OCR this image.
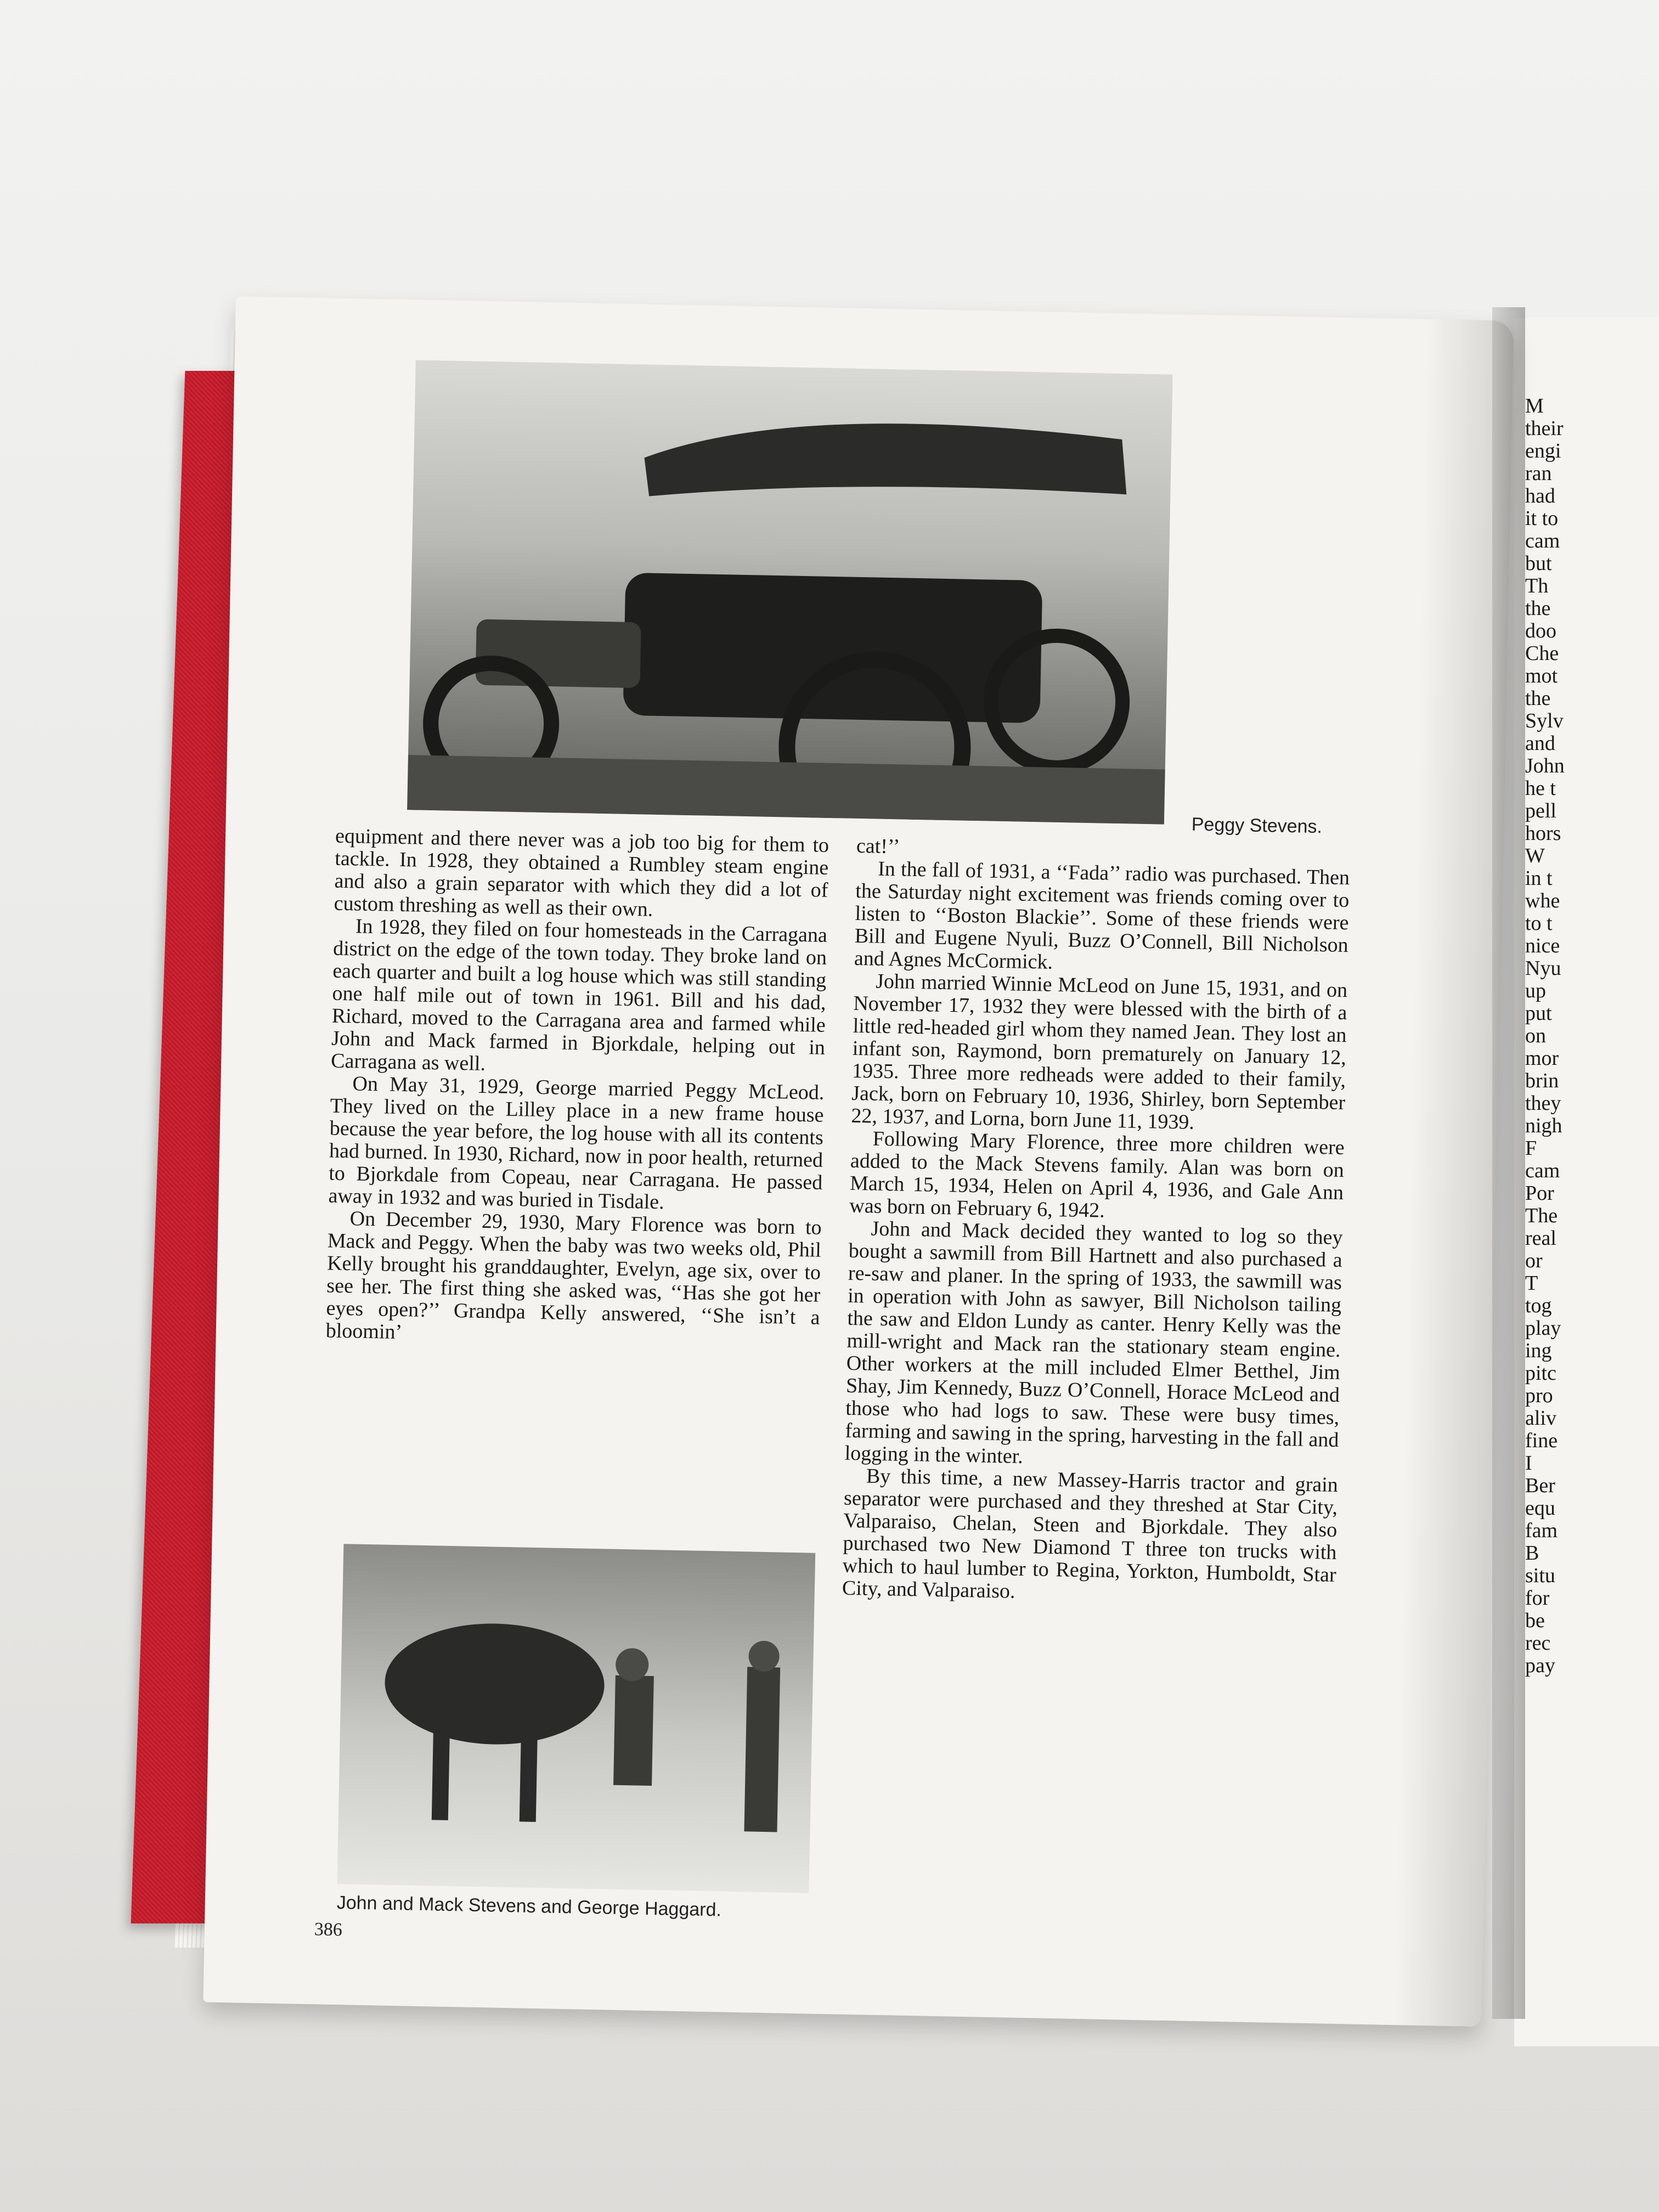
M
their
engi
ran
had
it to
cam
but
Th
the
doo
Che
mot
the
Sylv
and
John
he t
pell
hors
W
in t
whe
to t
nice
Nyu
up
put
on
mor
brin
they
nigh
F
cam
Por
The
real
or
T
tog
play
ing
pitc
pro
aliv
fine
I
Ber
equ
fam
B
situ
for
be
rec
pay
Peggy Stevens.

equipment and there never was a job too big for them to tackle. In 1928, they obtained a Rumbley steam engine and also a grain separator with which they did a lot of custom threshing as well as their own.

In 1928, they filed on four homesteads in the Carragana district on the edge of the town today. They broke land on each quarter and built a log house which was still standing one half mile out of town in 1961. Bill and his dad, Richard, moved to the Carragana area and farmed while John and Mack farmed in Bjorkdale, helping out in Carragana as well.

On May 31, 1929, George married Peggy McLeod. They lived on the Lilley place in a new frame house because the year before, the log house with all its contents had burned. In 1930, Richard, now in poor health, returned to Bjorkdale from Copeau, near Carragana. He passed away in 1932 and was buried in Tisdale.

On December 29, 1930, Mary Florence was born to Mack and Peggy. When the baby was two weeks old, Phil Kelly brought his granddaughter, Evelyn, age six, over to see her. The first thing she asked was, ‘‘Has she got her eyes open?’’ Grandpa Kelly answered, ‘‘She isn’t a bloomin’

cat!’’

In the fall of 1931, a ‘‘Fada’’ radio was purchased. Then the Saturday night excitement was friends coming over to listen to ‘‘Boston Blackie’’. Some of these friends were Bill and Eugene Nyuli, Buzz O’Connell, Bill Nicholson and Agnes McCormick.

John married Winnie McLeod on June 15, 1931, and on November 17, 1932 they were blessed with the birth of a little red-headed girl whom they named Jean. They lost an infant son, Raymond, born prematurely on January 12, 1935. Three more redheads were added to their family, Jack, born on February 10, 1936, Shirley, born September 22, 1937, and Lorna, born June 11, 1939.

Following Mary Florence, three more children were added to the Mack Stevens family. Alan was born on March 15, 1934, Helen on April 4, 1936, and Gale Ann was born on February 6, 1942.

John and Mack decided they wanted to log so they bought a sawmill from Bill Hartnett and also purchased a re-saw and planer. In the spring of 1933, the sawmill was in operation with John as sawyer, Bill Nicholson tailing the saw and Eldon Lundy as canter. Henry Kelly was the mill-wright and Mack ran the stationary steam engine. Other workers at the mill included Elmer Betthel, Jim Shay, Jim Kennedy, Buzz O’Connell, Horace McLeod and those who had logs to saw. These were busy times, farming and sawing in the spring, harvesting in the fall and logging in the winter.

By this time, a new Massey-Harris tractor and grain separator were purchased and they threshed at Star City, Valparaiso, Chelan, Steen and Bjorkdale. They also purchased two New Diamond T three ton trucks with which to haul lumber to Regina, Yorkton, Humboldt, Star City, and Valparaiso.

John and Mack Stevens and George Haggard.
386
